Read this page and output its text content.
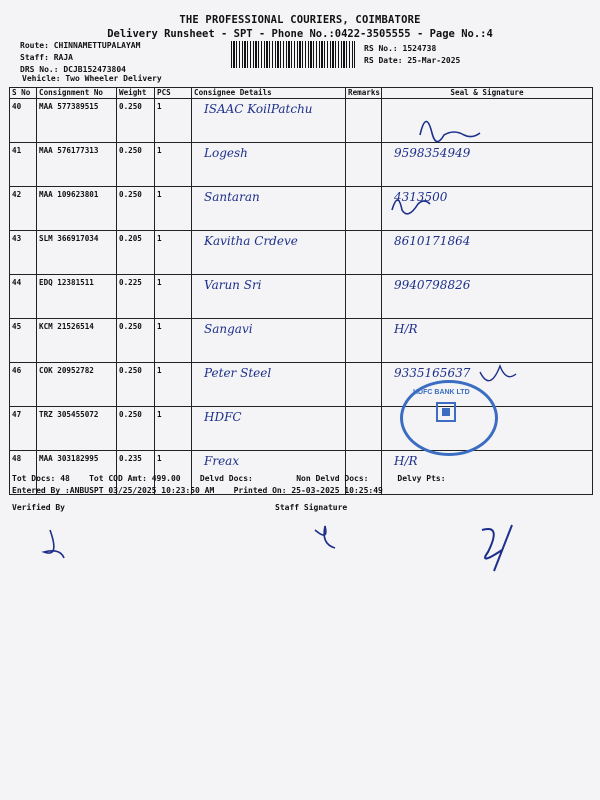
THE PROFESSIONAL COURIERS, COIMBATORE
Delivery Runsheet - SPT - Phone No.:0422-3505555 - Page No.:4
Route: CHINNAMETTUPALAYAM
Staff: RAJA
DRS No.: DCJB152473804
Vehicle: Two Wheeler Delivery
RS No.: 1524738
RS Date: 25-Mar-2025
S No	Consignment No	Weight	PCS	Consignee Details	Remarks	Seal & Signature
40	MAA 577389515	0.250	1	ISAAC KoilPatchu		
41	MAA 576177313	0.250	1	Logesh		9598354949
42	MAA 109623801	0.250	1	Santaran		4313500
43	SLM 366917034	0.205	1	Kavitha Crdeve		8610171864
44	EDQ 12381511	0.225	1	Varun Sri		9940798826
45	KCM 21526514	0.250	1	Sangavi		H/R
46	COK 20952782	0.250	1	Peter Steel		9335165637
47	TRZ 305455072	0.250	1	HDFC		
48	MAA 303182995	0.235	1	Freax		H/R
HDFC BANK LTD
Tot Docs: 48 Tot COD Amt: 499.00 Delvd Docs:	Non Delvd Docs:	Delvy Pts:
Entered By :ANBUSPT 03/25/2025 10:23:50 AM Printed On: 25-03-2025 10:25:49
Verified By	Staff Signature
